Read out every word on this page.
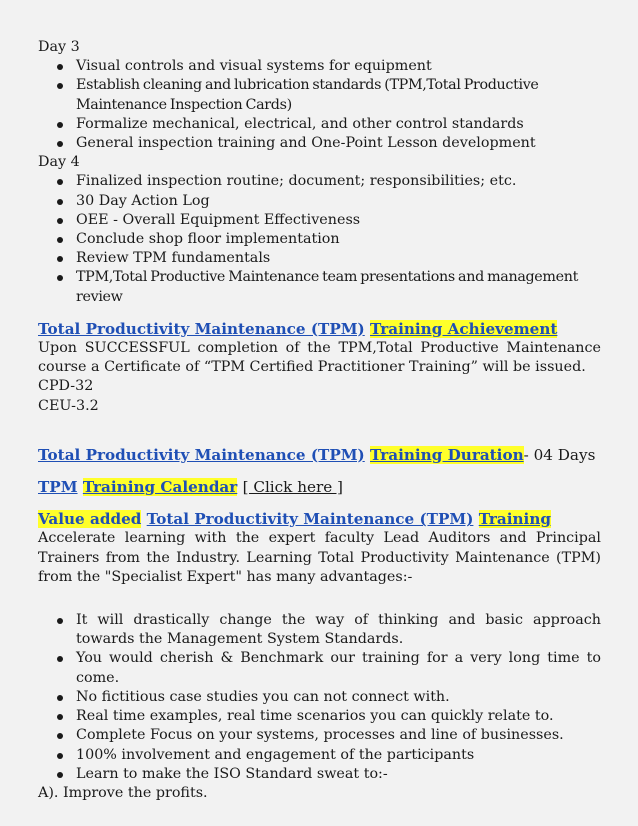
Day 3

Visual controls and visual systems for equipment
Establish cleaning and lubrication standards (TPM,Total Productive Maintenance Inspection Cards)
Formalize mechanical, electrical, and other control standards
General inspection training and One-Point Lesson development

Day 4

Finalized inspection routine; document; responsibilities; etc.
30 Day Action Log
OEE - Overall Equipment Effectiveness
Conclude shop floor implementation
Review TPM fundamentals
TPM,Total Productive Maintenance team presentations and management review

Total Productivity Maintenance (TPM) Training Achievement

Upon SUCCESSFUL completion of the TPM,Total Productive Maintenance course a Certificate of “TPM Certified Practitioner Training” will be issued.

CPD-32

CEU-3.2

Total Productivity Maintenance (TPM) Training Duration- 04 Days

TPM Training Calendar [ Click here ]

Value added Total Productivity Maintenance (TPM) Training

Accelerate learning with the expert faculty Lead Auditors and Principal Trainers from the Industry. Learning Total Productivity Maintenance (TPM) from the "Specialist Expert" has many advantages:-

It will drastically change the way of thinking and basic approach towards the Management System Standards.
You would cherish & Benchmark our training for a very long time to come.
No fictitious case studies you can not connect with.
Real time examples, real time scenarios you can quickly relate to.
Complete Focus on your systems, processes and line of businesses.
100% involvement and engagement of the participants
Learn to make the ISO Standard sweat to:-

A). Improve the profits.
